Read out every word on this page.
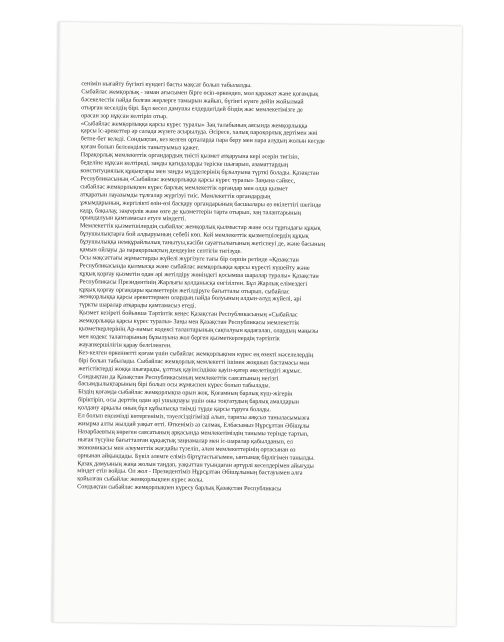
сенімін нығайту бүгінгі күндегі басты мақсат болып табылалды.
Сыбайлас жемқорлық - заман ағысымен бірге өсіп-өркендеп, мол қаражат және қоғамдық
бәсекелестік пайда болған жерлерге тамырын жайып, бүгінгі күнге дейін жойылмай
отырған кеселдің бірі. Бұл кесел дамушы елдердегідей біздің жас мемлекетімізге де
орасан зор нұқсан келтіріп отыр.
«Сыбайлас жемқорлыққа қарсы күрес туралы» Заң талабының аясында жемқорлыққа
қарсы іс-әрекеттер әр салада жүзеге асырылуда. Әсіресе, халық пароқорлық дертімен жиі
бетпе-бет келеді. Сондықтан, кез келген орталарда пара беру мен пара алудың жолын кесуде
қоғам болып белсенділік танытуымыз қажет.
Парақорлық мемлекеттік органдардың тиісті қызмет атқаруына кері әсерін тигізіп,
беделіне нұқсан келтіреді, заңды қағидаларды терiске шығарып, азаматтардың
конституциялық құқықтары мен заңды мүдделерінің бұзылуына түрткі болады. Қазақстан
Республикасының «Сыбайлас жемқорлыққа қарсы күрес туралы» Заңына сәйкес,
сыбайлас жемқорлықпен күрес барлық мемлекеттік органдар мен олда қызмет
атқаратын лауазымды тұлғалар жүргізуі тиіс. Мемлекеттік органдардың
ұжымдарының, жергілікті өзін-өзі басқару органдарының басшылары өз өкілеттігі шегінде
кадр, бақылау, заңгерлік және өзге де қызметтерін тарта отырып, заң талаптарының
орындалуын қамтамасыз етуге міндетті.
Мемлекеттік қызметшілердің сыбайлас жемқорлық қылмыстар және осы тұрғыдағы құқық
бұзушылықтарға бой алдыруының себебі көп. Кей мемлекеттік қызметшілердің құқық
бұзушылыққа немқұрайлылық танытуы,кәсіби сауаттылығының жетіспеуі де, және басының
қамын ойлауы да парақорлықтың дендеуіне септігін тигізуде.
Осы мақсаттағы жұмыстарды жүйелі жүргізуге тағы бір серпін ретінде «Қазақстан
Республикасында қылмысқа және сыбайлас жемқорлыққа қарсы күресті күшейту және
құқық қорғау қызметін одан әрі жетілдіру жөніндегі қосымша шаралар туралы» Қазақстан
Республикасы Президентінің Жарлығы қолданысқа енгізілген. Бұл Жарлық елімездегі
құқық қорғау органдары қызметтерін жетілдіруге бағытталы отырып, сыбайлас
жемқорлыққа қарсы әрекеттермен олардың пайда болуының алдын-алуд жүйелі, әрі
түркты шаралар атқарады қамтамасыз етеді.
Қызмет кезіреті бойынша Тәртіптік кеңес Қазақстан Республикасының «Сыбайлас
жемқорлыққа қарсы күрес туралы» Заңы мен Қазақстан Республикасы мемлекеттік
қызметкерлерінің Ар-намыс кодексі талаптарының сақталуын қадағалап, олардың маңызы
мен кодекс талаптарының бұзылуына жол берген қызметкерлердің тәртіптік
жауапкершілігін қарау белгіленген.
Кез-келген өркениетті қоғам үшін сыбайлас жемқорлықпен күрес ең өзекті мәселелердің
бірі болып табылады. Сыбайлас жемқорлық мемлекетті ішінен жоқшып бастамасы мен
жетістіктерді жоққа шығарады, ұлттық қауіпсіздікке қауіп-қатер әкелетіндігі жұмыс.
Сондықтан да Қазақстан Республикасының мемлекеттік саясатының негізгі
басымдылықтарының бірі болып осы жұмыспен күрес болып табылады.
Біздің қоғамда сыбайлас жемқорлықпа орын жоқ. Қоғамның барлық күш-жігерін
біріктіріп, осы дерттің одан әрі ушықпауы үшін оны тоқтатудың барлық амалдарын
қолдану арқылы оның бұл құбылысқа тиімді түрде қарсы тұруға болады.
Ел болып еңсемізді көтергеніміз, тәуелсіздігімізді алып, тарихы аяқсыз таныласымызға
жиырма алты жылдай уақыт өтті. Өткеніміз аз салмақ, Елбасымыз Нұрсұлтан Әбішұлы
Назарбаевтың көреген саясатының арқасында мемлекетіміздің танымы терiнде тартып,
нығая түсуіне бағытталған құқықтық заңнамалар мен іс-шаралар қабылданып, ел
экономикасы мен әлеуметтік жағдайы түзеліп, әлем мемлекеттерінің ортасынан өз
орнынан айқындады. Бүкіл әлемге еліміз біртұтастығымен, ынтымақ бірлігімен танылды.
Қазақ дамуының жаңа жолын таңдап, уақыттан туындаған әртүрлі кеселдерімен айығуды
міндет етіп войды. Ол жол - Президентіміз Нұрсұлтан Әбішұлының бастауымен алға
қойылған сыбайлас жемқорлықпен күрес жолы.
Сондықтан сыбайлас жемқорлықпен күресу барлық Қазақстан Республикасы
